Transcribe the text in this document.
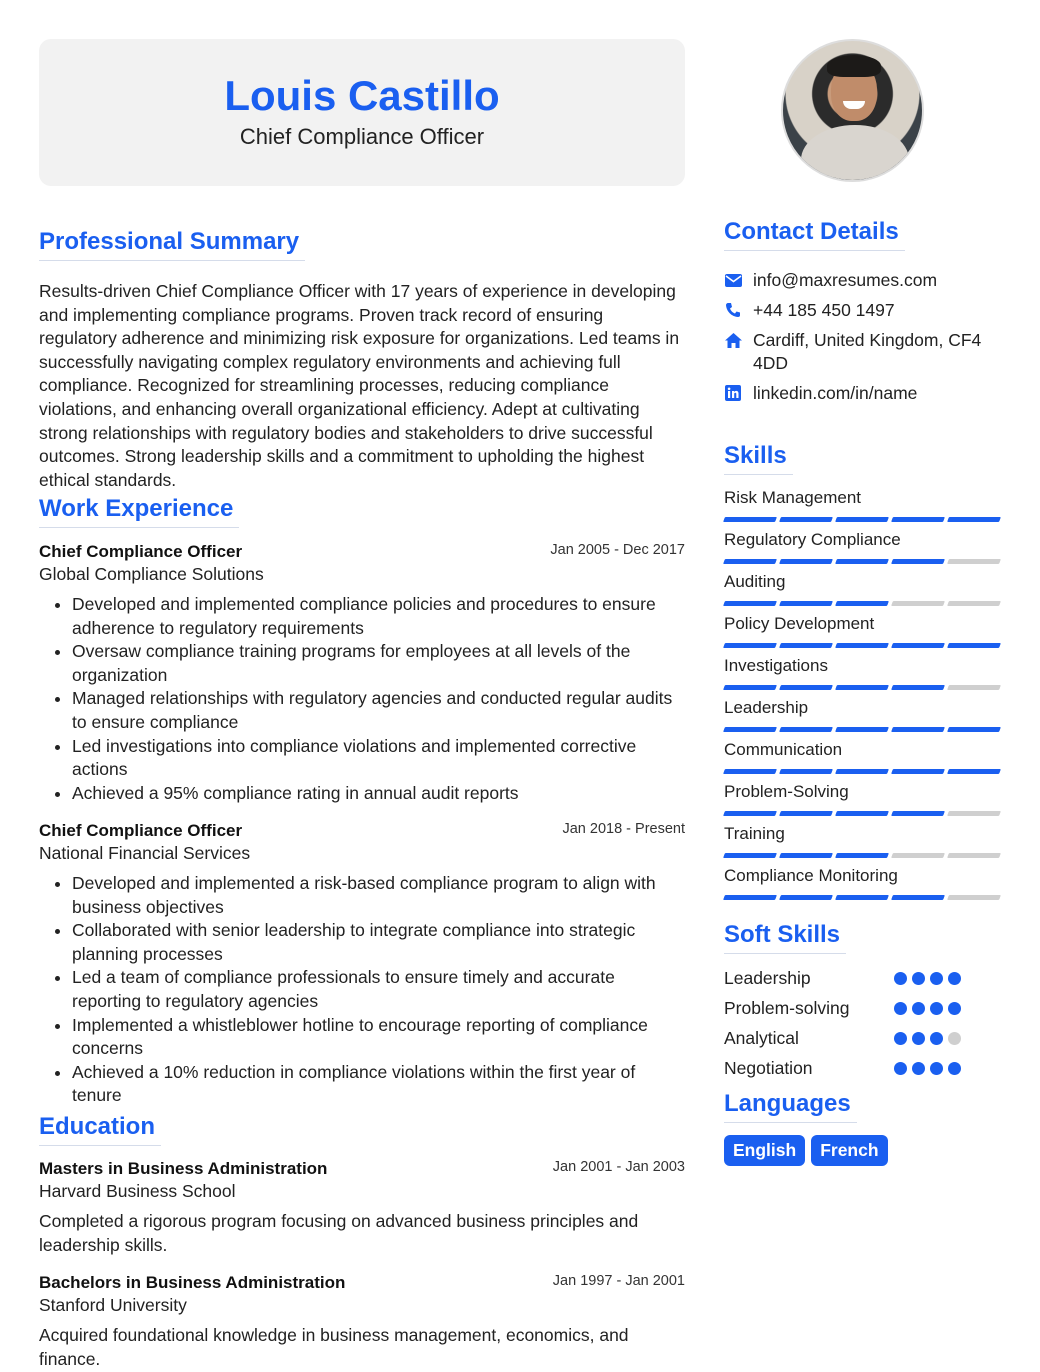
Louis Castillo
Chief Compliance Officer
Professional Summary
Results-driven Chief Compliance Officer with 17 years of experience in developing and implementing compliance programs. Proven track record of ensuring regulatory adherence and minimizing risk exposure for organizations. Led teams in successfully navigating complex regulatory environments and achieving full compliance. Recognized for streamlining processes, reducing compliance violations, and enhancing overall organizational efficiency. Adept at cultivating strong relationships with regulatory bodies and stakeholders to drive successful outcomes. Strong leadership skills and a commitment to upholding the highest ethical standards.
Work Experience
Chief Compliance Officer	Jan 2005 - Dec 2017
Global Compliance Solutions
• Developed and implemented compliance policies and procedures to ensure adherence to regulatory requirements
• Oversaw compliance training programs for employees at all levels of the organization
• Managed relationships with regulatory agencies and conducted regular audits to ensure compliance
• Led investigations into compliance violations and implemented corrective actions
• Achieved a 95% compliance rating in annual audit reports
Chief Compliance Officer	Jan 2018 - Present
National Financial Services
• Developed and implemented a risk-based compliance program to align with business objectives
• Collaborated with senior leadership to integrate compliance into strategic planning processes
• Led a team of compliance professionals to ensure timely and accurate reporting to regulatory agencies
• Implemented a whistleblower hotline to encourage reporting of compliance concerns
• Achieved a 10% reduction in compliance violations within the first year of tenure
Education
Masters in Business Administration	Jan 2001 - Jan 2003
Harvard Business School
Completed a rigorous program focusing on advanced business principles and leadership skills.
Bachelors in Business Administration	Jan 1997 - Jan 2001
Stanford University
Acquired foundational knowledge in business management, economics, and finance.
Contact Details
info@maxresumes.com
+44 185 450 1497
Cardiff, United Kingdom, CF4 4DD
linkedin.com/in/name
Skills
Risk Management
Regulatory Compliance
Auditing
Policy Development
Investigations
Leadership
Communication
Problem-Solving
Training
Compliance Monitoring
Soft Skills
Leadership
Problem-solving
Analytical
Negotiation
Languages
English	French
